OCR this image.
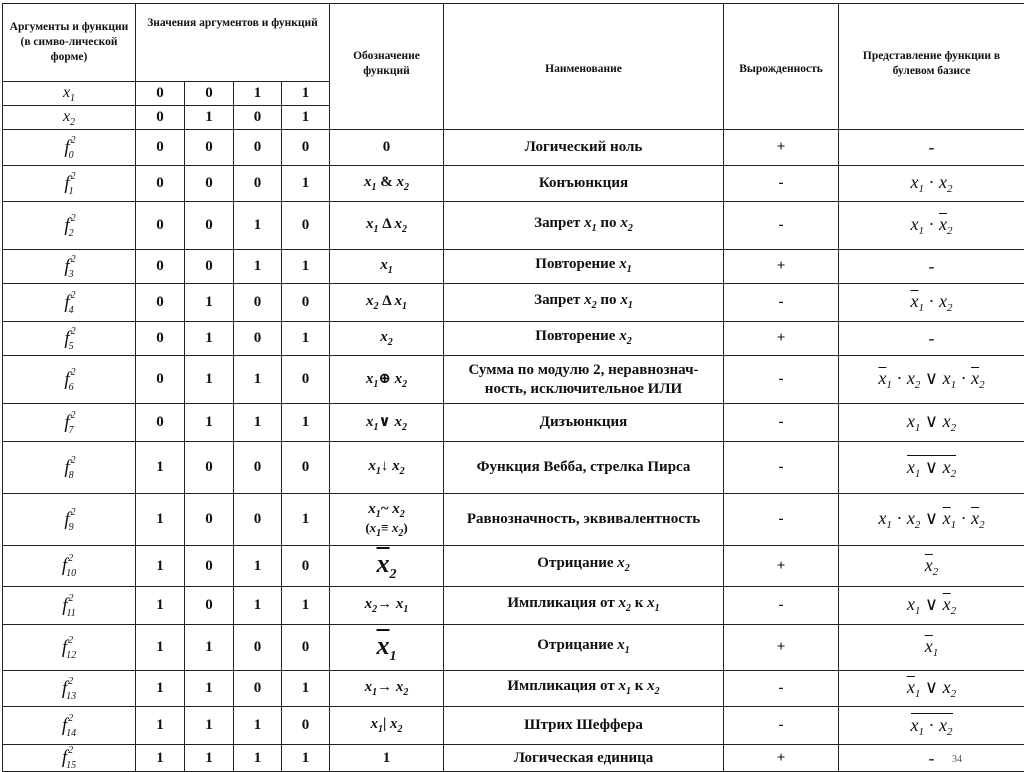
Аргументы и функции (в симво-лической форме)	Значения аргументов и функций	Обозначение функций	Наименование	Вырожденность	Представление функции в булевом базисе
$x_1$	0	0	1	1
$x_2$	0	1	0	1
f20	0	0	0	0	0	Логический ноль	+	-
f21	0	0	0	1	$x_1$ & $x_2$	Конъюнкция	-	$x_1 \cdot x_2$
f22	0	0	1	0	$x_1$ Δ $x_2$	Запрет $x_1$ по $x_2$	-	$x_1 \cdot x_2$
f23	0	0	1	1	$x_1$	Повторение $x_1$	+	-
f24	0	1	0	0	$x_2$ Δ $x_1$	Запрет $x_2$ по $x_1$	-	$x_1 \cdot x_2$
f25	0	1	0	1	$x_2$	Повторение $x_2$	+	-
f26	0	1	1	0	$x_1\oplus$ $x_2$	Сумма по модулю 2, неравнознач-ность, исключительное ИЛИ	-	$x_1 \cdot x_2$ ∨ $x_1 \cdot x_2$
f27	0	1	1	1	$x_1\vee$ $x_2$	Дизъюнкция	-	$x_1$ ∨ $x_2$
f28	1	0	0	0	$x_1↓$ $x_2$	Функция Вебба, стрелка Пирса	-	$x_1$ ∨ $x_2$
f29	1	0	0	1	
$x_1\sim$ $x_2$
$(x_1\equiv x_2)$	Равнозначность, эквивалентность	-	$x_1 \cdot x_2$ ∨ $x_1 \cdot x_2$
f210	1	0	1	0	$x_2$	Отрицание $x_2$	+	$x_2$
f211	1	0	1	1	$x_2\to x_1$	Импликация от $x_2$ к $x_1$	-	$x_1$ ∨ $x_2$
f212	1	1	0	0	$x_1$	Отрицание $x_1$	+	$x_1$
f213	1	1	0	1	$x_1\to x_2$	Импликация от $x_1$ к $x_2$	-	$x_1$ ∨ $x_2$
f214	1	1	1	0	$x_1|$ $x_2$	Штрих Шеффера	-	$x_1 \cdot x_2$
f215	1	1	1	1	1	Логическая единица	+	- 34
